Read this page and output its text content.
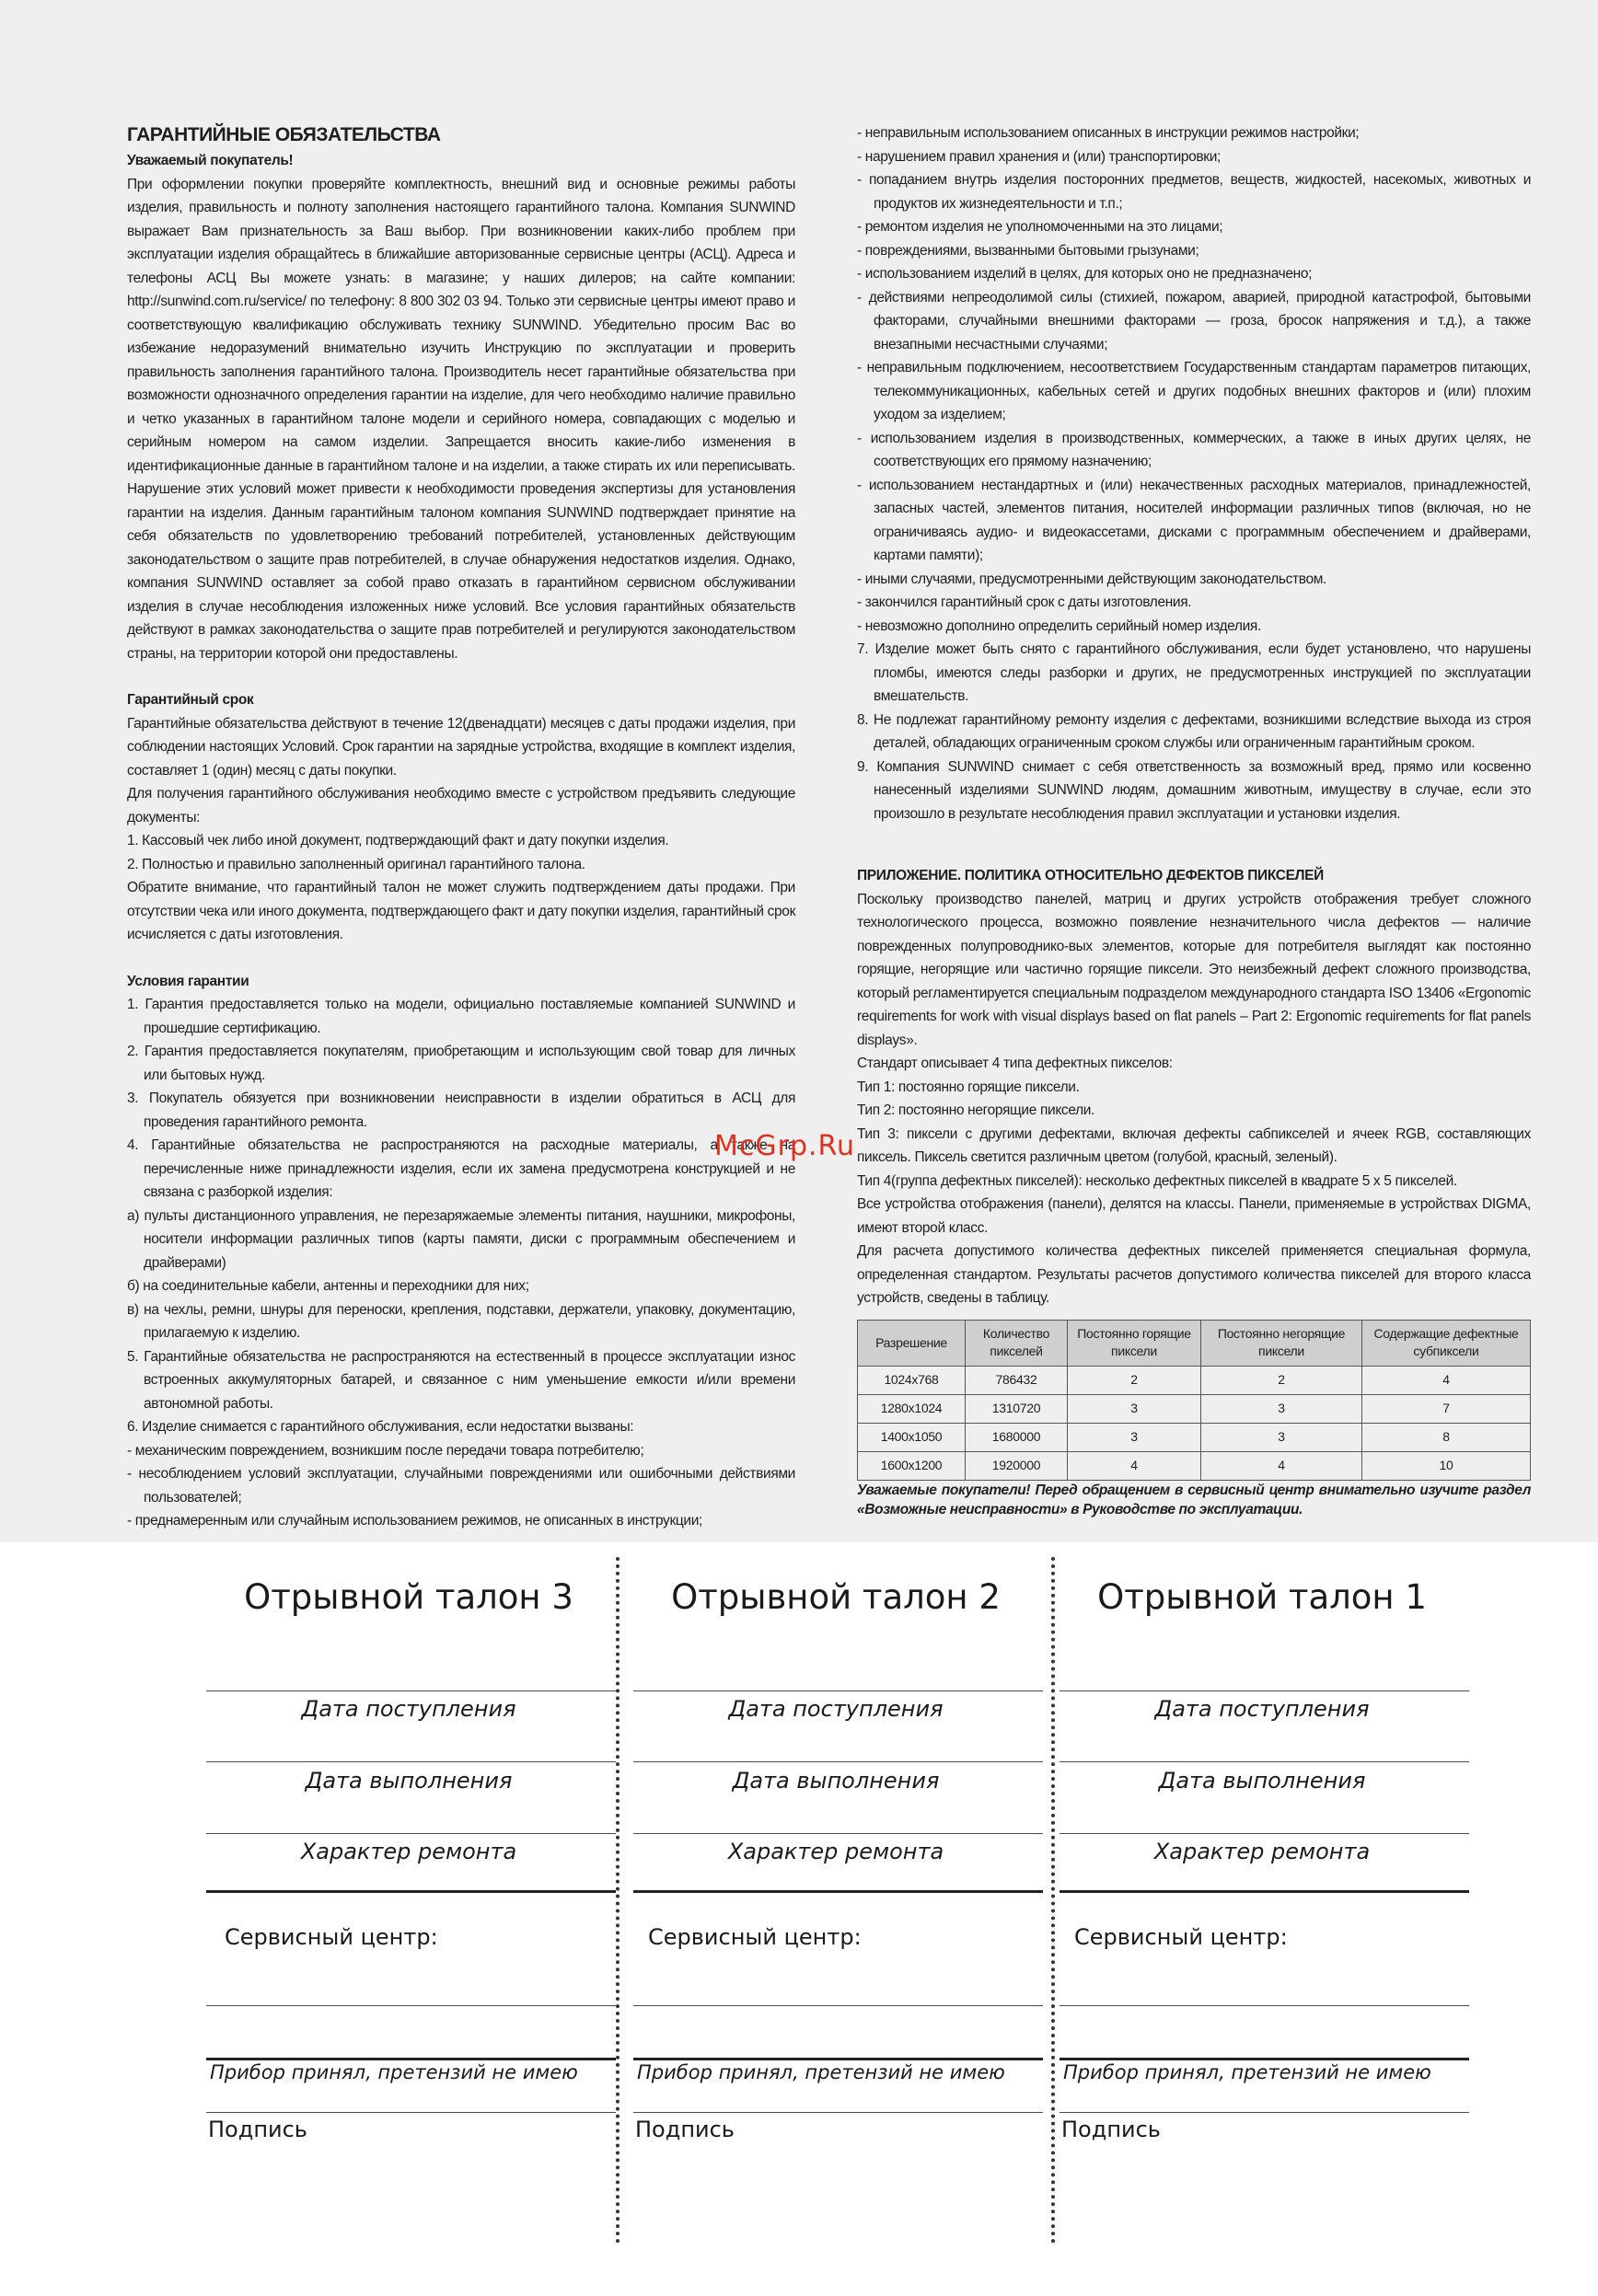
ГАРАНТИЙНЫЕ ОБЯЗАТЕЛЬСТВА

Уважаемый покупатель!

При оформлении покупки проверяйте комплектность, внешний вид и основные режимы работы изделия, правильность и полноту заполнения настоящего гарантийного талона. Компания SUNWIND выражает Вам признательность за Ваш выбор. При возникновении каких-либо проблем при эксплуатации изделия обращайтесь в ближайшие авторизованные сервисные центры (АСЦ). Адреса и телефоны АСЦ Вы можете узнать: в магазине; у наших дилеров; на сайте компании: http://sunwind.com.ru/service/ по телефону: 8 800 302 03 94. Только эти сервисные центры имеют право и соответствующую квалификацию обслуживать технику SUNWIND. Убедительно просим Вас во избежание недоразумений внимательно изучить Инструкцию по эксплуатации и проверить правильность заполнения гарантийного талона. Производитель несет гарантийные обязательства при возможности однозначного определения гарантии на изделие, для чего необходимо наличие правильно и четко указанных в гарантийном талоне модели и серийного номера, совпадающих с моделью и серийным номером на самом изделии. Запрещается вносить какие-либо изменения в идентификационные данные в гарантийном талоне и на изделии, а также стирать их или переписывать. Нарушение этих условий может привести к необходимости проведения экспертизы для установления гарантии на изделия. Данным гарантийным талоном компания SUNWIND подтверждает принятие на себя обязательств по удовлетворению требований потребителей, установленных действующим законодательством о защите прав потребителей, в случае обнаружения недостатков изделия. Однако, компания SUNWIND оставляет за собой право отказать в гарантийном сервисном обслуживании изделия в случае несоблюдения изложенных ниже условий. Все условия гарантийных обязательств действуют в рамках законодательства о защите прав потребителей и регулируются законодательством страны, на территории которой они предоставлены.

Гарантийный срок

Гарантийные обязательства действуют в течение 12(двенадцати) месяцев с даты продажи изделия, при соблюдении настоящих Условий. Срок гарантии на зарядные устройства, входящие в комплект изделия, составляет 1 (один) месяц с даты покупки.

Для получения гарантийного обслуживания необходимо вместе с устройством предъявить следующие документы:

1. Кассовый чек либо иной документ, подтверждающий факт и дату покупки изделия.

2. Полностью и правильно заполненный оригинал гарантийного талона.

Обратите внимание, что гарантийный талон не может служить подтверждением даты продажи. При отсутствии чека или иного документа, подтверждающего факт и дату покупки изделия, гарантийный срок исчисляется с даты изготовления.

Условия гарантии

1. Гарантия предоставляется только на модели, официально поставляемые компанией SUNWIND и прошедшие сертификацию.

2. Гарантия предоставляется покупателям, приобретающим и использующим свой товар для личных или бытовых нужд.

3. Покупатель обязуется при возникновении неисправности в изделии обратиться в АСЦ для проведения гарантийного ремонта.

4. Гарантийные обязательства не распространяются на расходные материалы, а также на перечисленные ниже принадлежности изделия, если их замена предусмотрена конструкцией и не связана с разборкой изделия:

а) пульты дистанционного управления, не перезаряжаемые элементы питания, наушники, микрофоны, носители информации различных типов (карты памяти, диски с программным обеспечением и драйверами)

б) на соединительные кабели, антенны и переходники для них;

в) на чехлы, ремни, шнуры для переноски, крепления, подставки, держатели, упаковку, документацию, прилагаемую к изделию.

5. Гарантийные обязательства не распространяются на естественный в процессе эксплуатации износ встроенных аккумуляторных батарей, и связанное с ним уменьшение емкости и/или времени автономной работы.

6. Изделие снимается с гарантийного обслуживания, если недостатки вызваны:

- механическим повреждением, возникшим после передачи товара потребителю;

- несоблюдением условий эксплуатации, случайными повреждениями или ошибочными действиями пользователей;

- преднамеренным или случайным использованием режимов, не описанных в инструкции;

- неправильным использованием описанных в инструкции режимов настройки;

- нарушением правил хранения и (или) транспортировки;

- попаданием внутрь изделия посторонних предметов, веществ, жидкостей, насекомых, животных и продуктов их жизнедеятельности и т.п.;

- ремонтом изделия не уполномоченными на это лицами;

- повреждениями, вызванными бытовыми грызунами;

- использованием изделий в целях, для которых оно не предназначено;

- действиями непреодолимой силы (стихией, пожаром, аварией, природной катастрофой, бытовыми факторами, случайными внешними факторами — гроза, бросок напряжения и т.д.), а также внезапными несчастными случаями;

- неправильным подключением, несоответствием Государственным стандартам параметров питающих, телекоммуникационных, кабельных сетей и других подобных внешних факторов и (или) плохим уходом за изделием;

- использованием изделия в производственных, коммерческих, а также в иных других целях, не соответствующих его прямому назначению;

- использованием нестандартных и (или) некачественных расходных материалов, принадлежностей, запасных частей, элементов питания, носителей информации различных типов (включая, но не ограничиваясь аудио- и видеокассетами, дисками с программным обеспечением и драйверами, картами памяти);

- иными случаями, предусмотренными действующим законодательством.

- закончился гарантийный срок с даты изготовления.

- невозможно дополнино определить серийный номер изделия.

7. Изделие может быть снято с гарантийного обслуживания, если будет установлено, что нарушены пломбы, имеются следы разборки и других, не предусмотренных инструкцией по эксплуатации вмешательств.

8. Не подлежат гарантийному ремонту изделия с дефектами, возникшими вследствие выхода из строя деталей, обладающих ограниченным сроком службы или ограниченным гарантийным сроком.

9. Компания SUNWIND снимает с себя ответственность за возможный вред, прямо или косвенно нанесенный изделиями SUNWIND людям, домашним животным, имуществу в случае, если это произошло в результате несоблюдения правил эксплуатации и установки изделия.

ПРИЛОЖЕНИЕ. ПОЛИТИКА ОТНОСИТЕЛЬНО ДЕФЕКТОВ ПИКСЕЛЕЙ

Поскольку производство панелей, матриц и других устройств отображения требует сложного технологического процесса, возможно появление незначительного числа дефектов — наличие поврежденных полупроводнико-вых элементов, которые для потребителя выглядят как постоянно горящие, негорящие или частично горящие пиксели. Это неизбежный дефект сложного производства, который регламентируется специальным подразделом международного стандарта ISO 13406 «Ergonomic requirements for work with visual displays based on flat panels – Part 2: Ergonomic requirements for flat panels displays».

Стандарт описывает 4 типа дефектных пикселов:

Тип 1: постоянно горящие пиксели.

Тип 2: постоянно негорящие пиксели.

Тип 3: пиксели с другими дефектами, включая дефекты сабпикселей и ячеек RGB, составляющих пиксель. Пиксель светится различным цветом (голубой, красный, зеленый).

Тип 4(группа дефектных пикселей): несколько дефектных пикселей в квадрате 5 х 5 пикселей.

Все устройства отображения (панели), делятся на классы. Панели, применяемые в устройствах DIGMA, имеют второй класс.

Для расчета допустимого количества дефектных пикселей применяется специальная формула, определенная стандартом. Результаты расчетов допустимого количества пикселей для второго класса устройств, сведены в таблицу.

Разрешение	Количество пикселей	Постоянно горящие пиксели	Постоянно негорящие пиксели	Содержащие дефектные субпиксели
1024x768	786432	2	2	4
1280x1024	1310720	3	3	7
1400x1050	1680000	3	3	8
1600x1200	1920000	4	4	10

Уважаемые покупатели! Перед обращением в сервисный центр внимательно изучите раздел «Возможные неисправности» в Руководстве по эксплуатации.

McGrp.Ru
Отрывной талон 3
Дата поступления
Дата выполнения
Характер ремонта
Сервисный центр:
Прибор принял, претензий не имею
Подпись
Отрывной талон 2
Дата поступления
Дата выполнения
Характер ремонта
Сервисный центр:
Прибор принял, претензий не имею
Подпись
Отрывной талон 1
Дата поступления
Дата выполнения
Характер ремонта
Сервисный центр:
Прибор принял, претензий не имею
Подпись
